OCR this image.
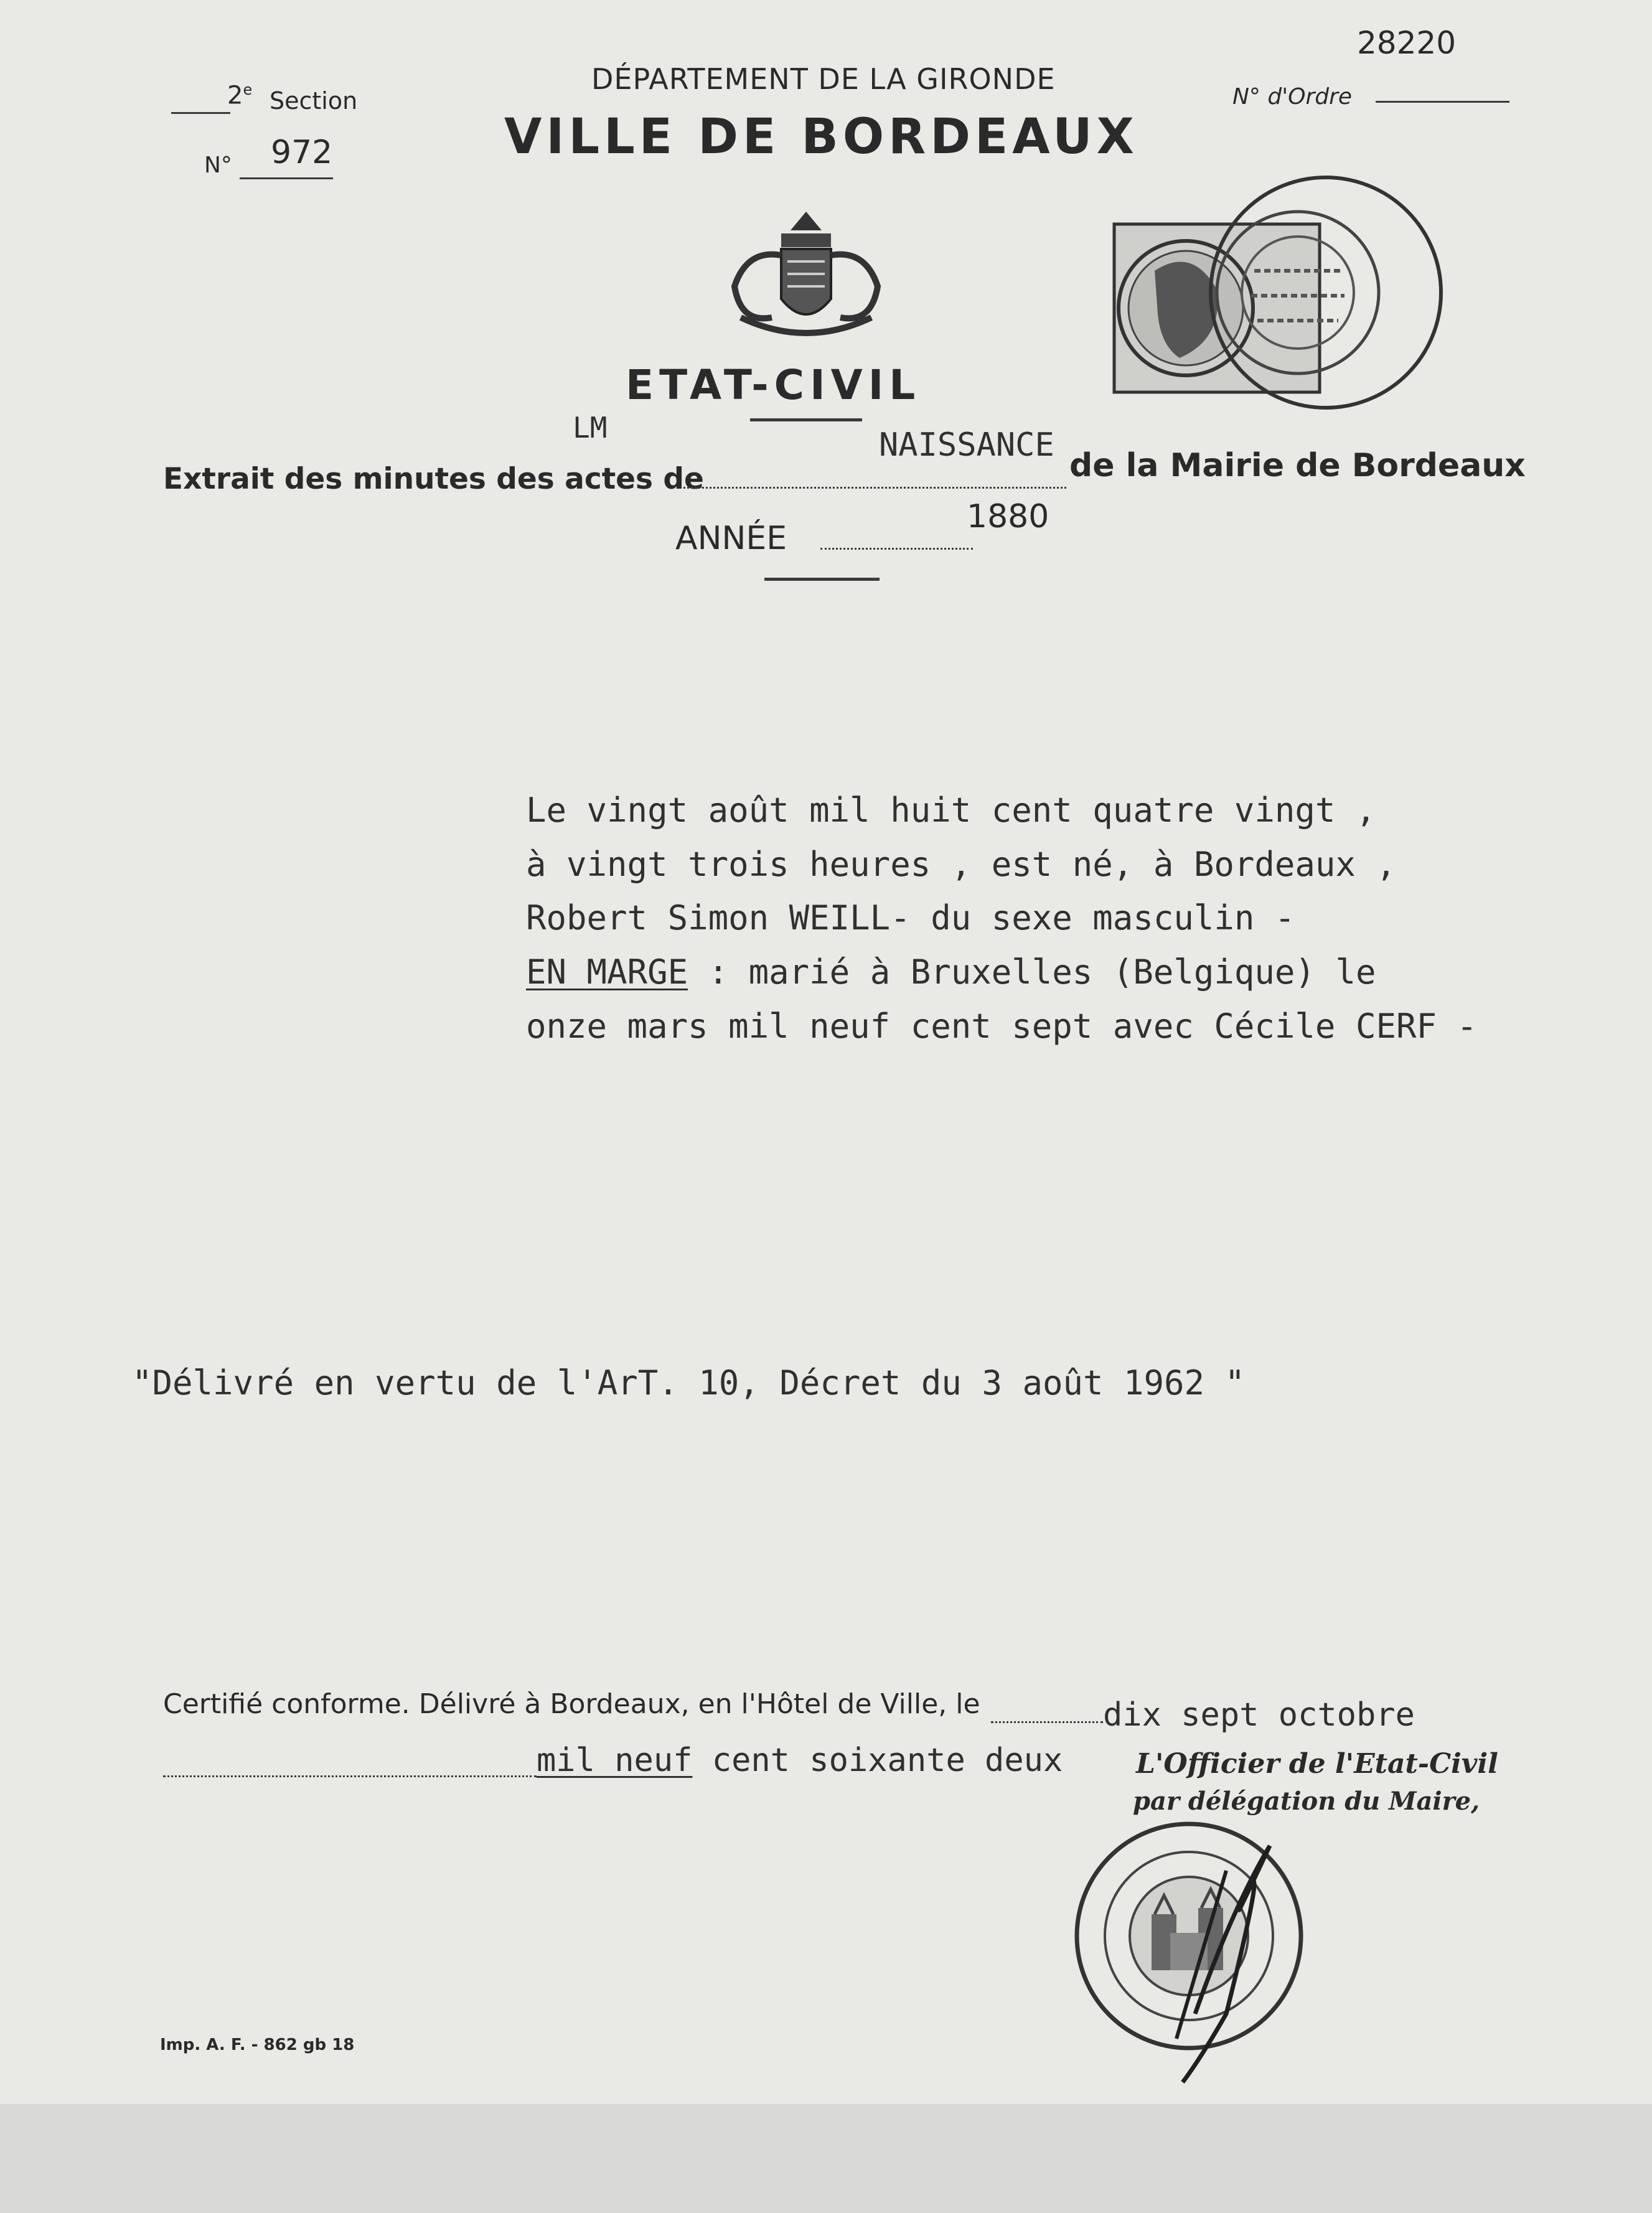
2e Section
N° 972
DÉPARTEMENT DE LA GIRONDE
VILLE DE BORDEAUX
28220
N° d'Ordre
ETAT-CIVIL
LM	NAISSANCE
Extrait des minutes des actes de	de la Mairie de Bordeaux
ANNÉE
1880
Le vingt août mil huit cent quatre vingt ,
à vingt trois heures , est né, à Bordeaux ,
Robert Simon WEILL- du sexe masculin -
EN MARGE : marié à Bruxelles (Belgique) le
onze mars mil neuf cent sept avec Cécile CERF -
"Délivré en vertu de l'ArT. 10, Décret du 3 août 1962 "
Certifié conforme. Délivré à Bordeaux, en l'Hôtel de Ville, le	dix sept octobre
mil neuf cent soixante deux	L'Officier de l'Etat-Civil
par délégation du Maire,
Imp. A. F. - 862 gb 18
